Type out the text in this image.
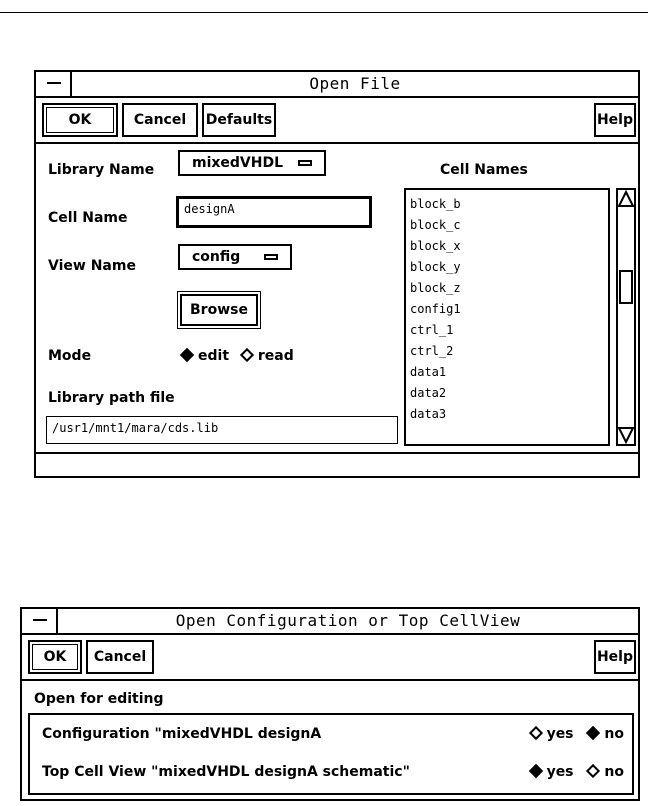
Open File
OK	Cancel	Defaults	Help
Library Name	mixedVHDL
Cell Name
designA
View Name
config
Browse
Mode	edit read
Library path file
/usr1/mnt1/mara/cds.lib
Cell Names
block_b
block_c
block_x
block_y
block_z
config1
ctrl_1
ctrl_2
data1
data2
data3
Open Configuration or Top CellView
OK	Cancel	Help
Open for editing
Configuration "mixedVHDL designA	yes no
Top Cell View "mixedVHDL designA schematic"	yes no
